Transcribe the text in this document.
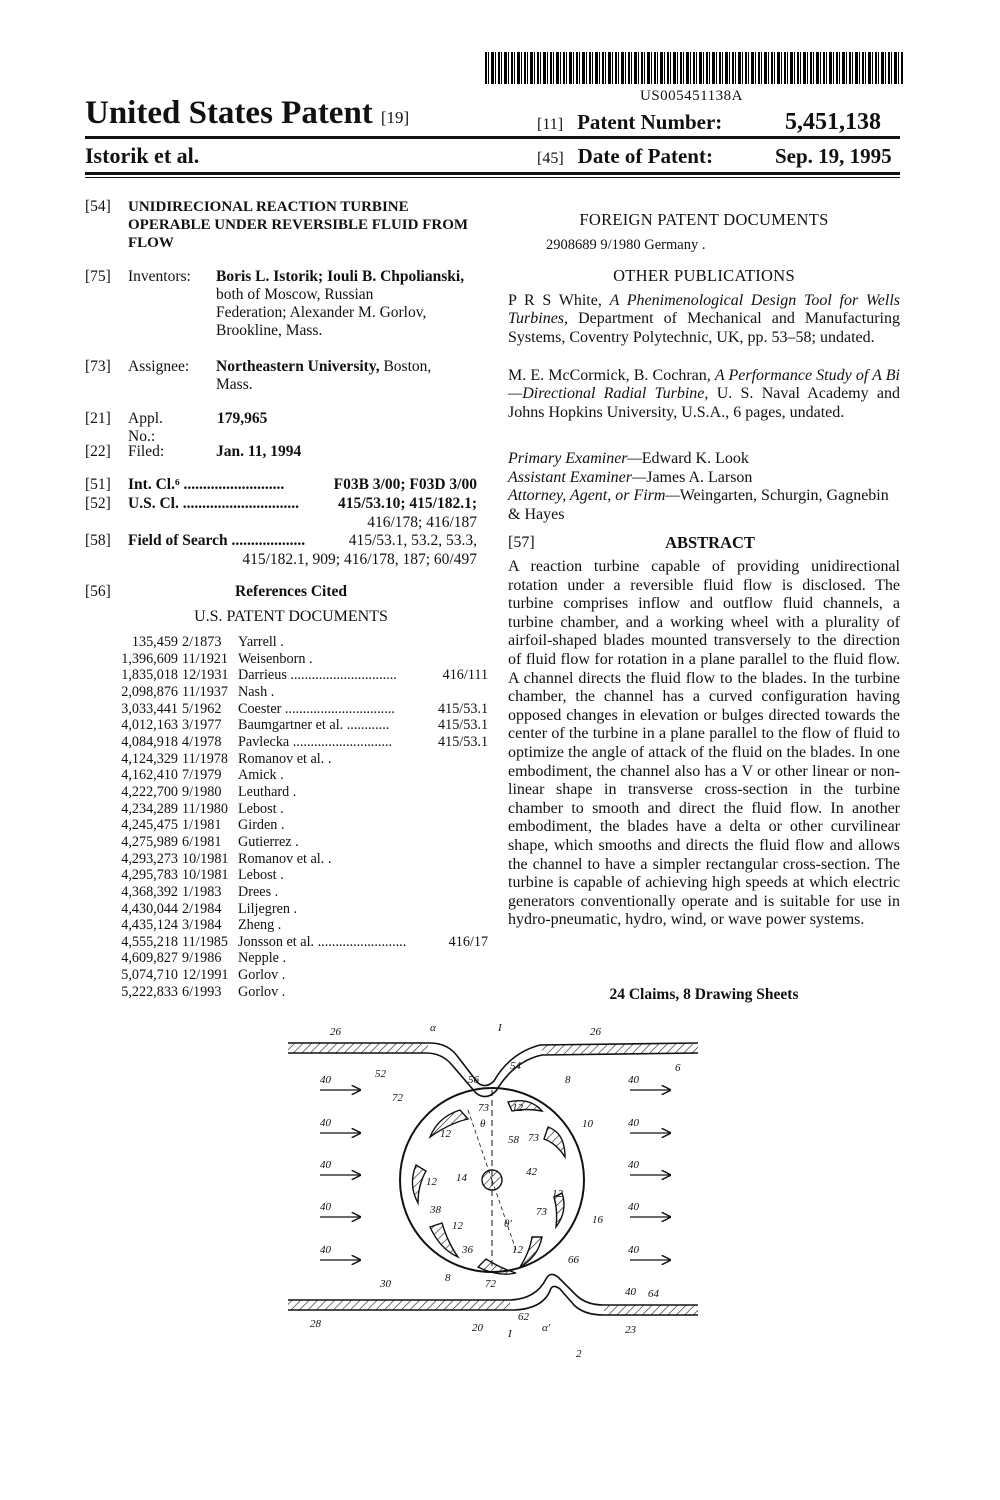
US005451138A
United States Patent [19]
Istorik et al.
[11] Patent Number:	5,451,138
[45] Date of Patent:	Sep. 19, 1995
[54] UNIDIRECIONAL REACTION TURBINE OPERABLE UNDER REVERSIBLE FLUID FROM FLOW
[75] Inventors: Boris L. Istorik; Iouli B. Chpolianski,
both of Moscow, Russian
Federation; Alexander M. Gorlov,
Brookline, Mass.
[73] Assignee: Northeastern University, Boston,
Mass.
[21] Appl. No.:
179,965
[22] Filed:	Jan. 11, 1994
[51] Int. Cl.⁶ ..........................	F03B 3/00; F03D 3/00
[52] U.S. Cl. ..............................	415/53.10; 415/182.1;
416/178; 416/187
[58] Field of Search ...................	415/53.1, 53.2, 53.3,
415/182.1, 909; 416/178, 187; 60/497
[56]	References Cited
U.S. PATENT DOCUMENTS
135,459	2/1873	Yarrell .	
1,396,609	11/1921	Weisenborn .	
1,835,018	12/1931	Darrieus ..............................	416/111
2,098,876	11/1937	Nash .	
3,033,441	5/1962	Coester ...............................	415/53.1
4,012,163	3/1977	Baumgartner et al. ............	415/53.1
4,084,918	4/1978	Pavlecka ............................	415/53.1
4,124,329	11/1978	Romanov et al. .	
4,162,410	7/1979	Amick .	
4,222,700	9/1980	Leuthard .	
4,234,289	11/1980	Lebost .	
4,245,475	1/1981	Girden .	
4,275,989	6/1981	Gutierrez .	
4,293,273	10/1981	Romanov et al. .	
4,295,783	10/1981	Lebost .	
4,368,392	1/1983	Drees .	
4,430,044	2/1984	Liljegren .	
4,435,124	3/1984	Zheng .	
4,555,218	11/1985	Jonsson et al. .........................	416/17
4,609,827	9/1986	Nepple .	
5,074,710	12/1991	Gorlov .	
5,222,833	6/1993	Gorlov .	
FOREIGN PATENT DOCUMENTS
2908689 9/1980 Germany .
OTHER PUBLICATIONS
P R S White, A Phenimenological Design Tool for Wells Turbines, Department of Mechanical and Manufacturing Systems, Coventry Polytechnic, UK, pp. 53–58; undated.
M. E. McCormick, B. Cochran, A Performance Study of A Bi—Directional Radial Turbine, U. S. Naval Academy and Johns Hopkins University, U.S.A., 6 pages, undated.
Primary Examiner—Edward K. Look
Assistant Examiner—James A. Larson
Attorney, Agent, or Firm—Weingarten, Schurgin, Gagnebin & Hayes
[57]	ABSTRACT
A reaction turbine capable of providing unidirectional rotation under a reversible fluid flow is disclosed. The turbine comprises inflow and outflow fluid channels, a turbine chamber, and a working wheel with a plurality of airfoil-shaped blades mounted transversely to the direction of fluid flow for rotation in a plane parallel to the fluid flow. A channel directs the fluid flow to the blades. In the turbine chamber, the channel has a curved configuration having opposed changes in elevation or bulges directed towards the center of the turbine in a plane parallel to the flow of fluid to optimize the angle of attack of the fluid on the blades. In one embodiment, the channel also has a V or other linear or non-linear shape in transverse cross-section in the turbine chamber to smooth and direct the fluid flow. In another embodiment, the blades have a delta or other curvilinear shape, which smooths and directs the fluid flow and allows the channel to have a simpler rectangular cross-section. The turbine is capable of achieving high speeds at which electric generators conventionally operate and is suitable for use in hydro-pneumatic, hydro, wind, or wave power systems.
24 Claims, 8 Drawing Sheets
26	α	I	26
54
52
40	56	8	40
6
72
73 12
10
40
12	58 73
40
40
14	42
12
40
12
40	38
12
73
16
40
40	36	12	40
30	8	72
66
40 64
28
62
α'
20 I	23
2
θ
θ'
